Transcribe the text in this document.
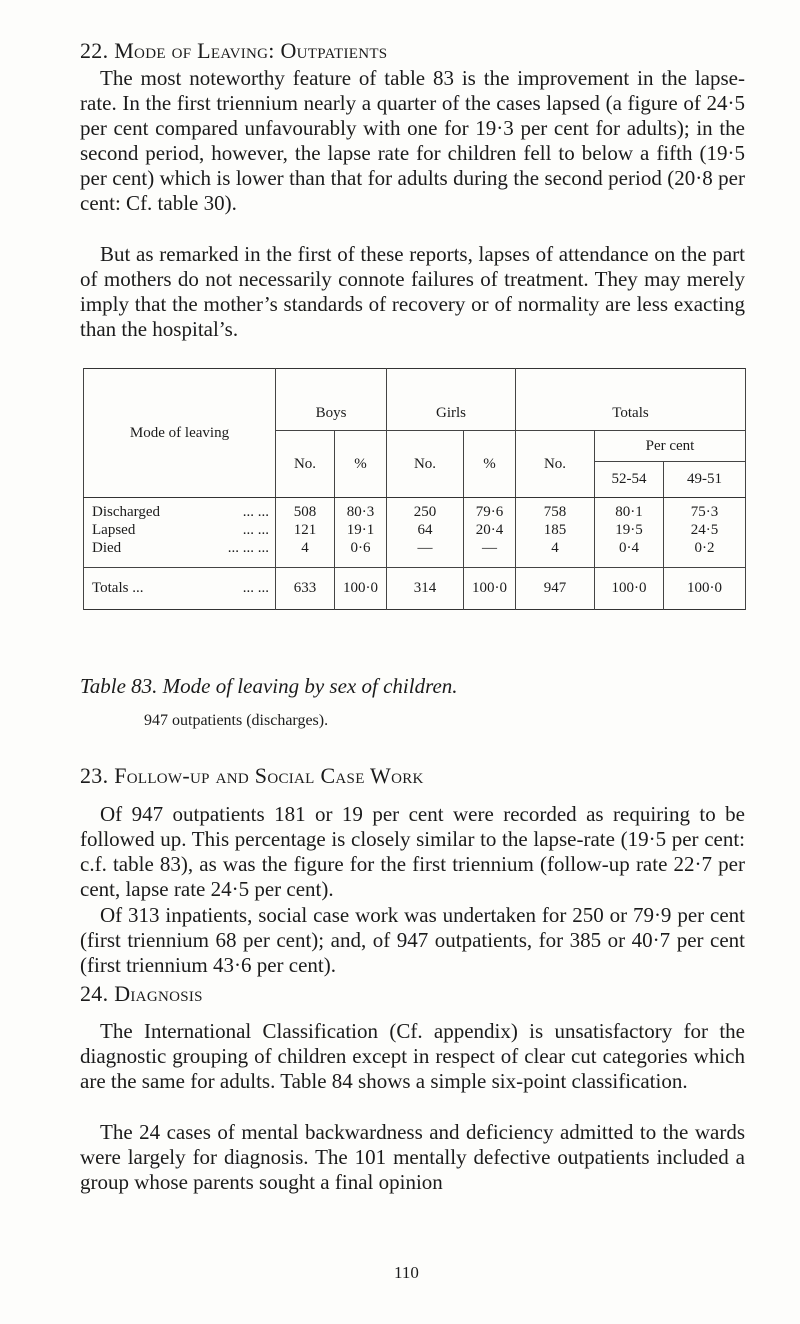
22. Mode of Leaving: Outpatients

The most noteworthy feature of table 83 is the improvement in the lapse-rate. In the first triennium nearly a quarter of the cases lapsed (a figure of 24·5 per cent compared unfavourably with one for 19·3 per cent for adults); in the second period, however, the lapse rate for children fell to below a fifth (19·5 per cent) which is lower than that for adults during the second period (20·8 per cent: Cf. table 30).

But as remarked in the first of these reports, lapses of attendance on the part of mothers do not necessarily connote failures of treatment. They may merely imply that the mother’s standards of recovery or of normality are less exacting than the hospital’s.

Mode of leaving	Boys		Girls		Totals		
	No.	%	No.	%	No.	Per cent	
						52-54	49-51
Discharged ... ...	508	80·3	250	79·6	758	80·1	75·3
Lapsed ... ...	121	19·1	64	20·4	185	19·5	24·5
Died ... ... ...	4	0·6	—	—	4	0·4	0·2
Totals ... ... ...	633	100·0	314	100·0	947	100·0	100·0
Table 83. Mode of leaving by sex of children.
947 outpatients (discharges).
23. Follow-up and Social Case Work

Of 947 outpatients 181 or 19 per cent were recorded as requiring to be followed up. This percentage is closely similar to the lapse-rate (19·5 per cent: c.f. table 83), as was the figure for the first triennium (follow-up rate 22·7 per cent, lapse rate 24·5 per cent).

Of 313 inpatients, social case work was undertaken for 250 or 79·9 per cent (first triennium 68 per cent); and, of 947 outpatients, for 385 or 40·7 per cent (first triennium 43·6 per cent).

24. Diagnosis

The International Classification (Cf. appendix) is unsatisfactory for the diagnostic grouping of children except in respect of clear cut categories which are the same for adults. Table 84 shows a simple six-point classification.

The 24 cases of mental backwardness and deficiency admitted to the wards were largely for diagnosis. The 101 mentally defective outpatients included a group whose parents sought a final opinion

110
